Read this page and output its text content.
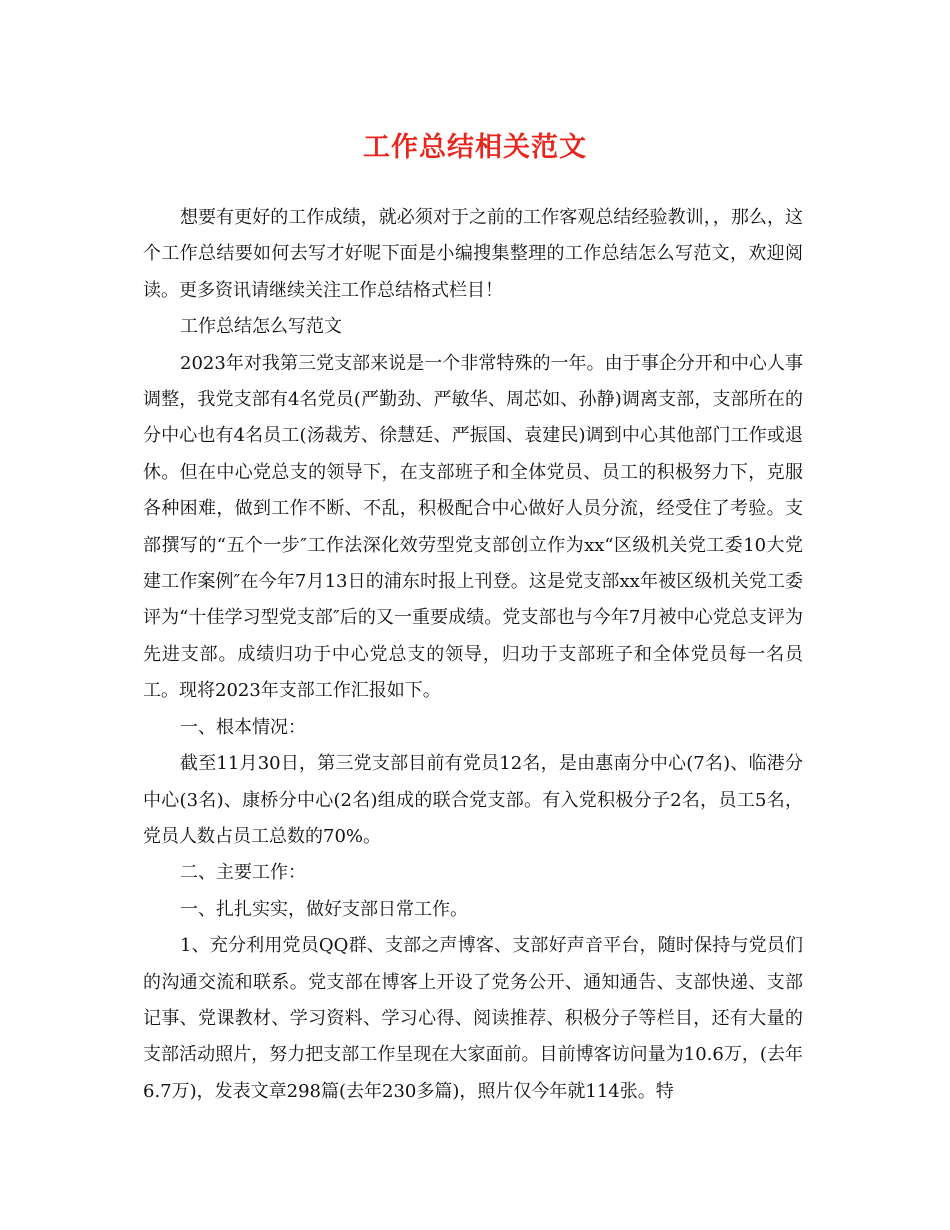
工作总结相关范文

想要有更好的工作成绩，就必须对于之前的工作客观总结经验教训，，那么，这个工作总结要如何去写才好呢下面是小编搜集整理的工作总结怎么写范文，欢迎阅读。更多资讯请继续关注工作总结格式栏目！

工作总结怎么写范文

2023年对我第三党支部来说是一个非常特殊的一年。由于事企分开和中心人事调整，我党支部有4名党员(严勤劲、严敏华、周芯如、孙静)调离支部，支部所在的分中心也有4名员工(汤裁芳、徐慧廷、严振国、袁建民)调到中心其他部门工作或退休。但在中心党总支的领导下，在支部班子和全体党员、员工的积极努力下，克服各种困难，做到工作不断、不乱，积极配合中心做好人员分流，经受住了考验。支部撰写的“五个一步″工作法深化效劳型党支部创立作为xx“区级机关党工委10大党建工作案例″在今年7月13日的浦东时报上刊登。这是党支部xx年被区级机关党工委评为“十佳学习型党支部″后的又一重要成绩。党支部也与今年7月被中心党总支评为先进支部。成绩归功于中心党总支的领导，归功于支部班子和全体党员每一名员工。现将2023年支部工作汇报如下。

一、根本情况：

截至11月30日，第三党支部目前有党员12名，是由惠南分中心(7名)、临港分中心(3名)、康桥分中心(2名)组成的联合党支部。有入党积极分子2名，员工5名，党员人数占员工总数的70%。

二、主要工作：

一、扎扎实实，做好支部日常工作。

1、充分利用党员QQ群、支部之声博客、支部好声音平台，随时保持与党员们的沟通交流和联系。党支部在博客上开设了党务公开、通知通告、支部快递、支部记事、党课教材、学习资料、学习心得、阅读推荐、积极分子等栏目，还有大量的支部活动照片，努力把支部工作呈现在大家面前。目前博客访问量为10.6万，(去年6.7万)，发表文章298篇(去年230多篇)，照片仅今年就114张。特
